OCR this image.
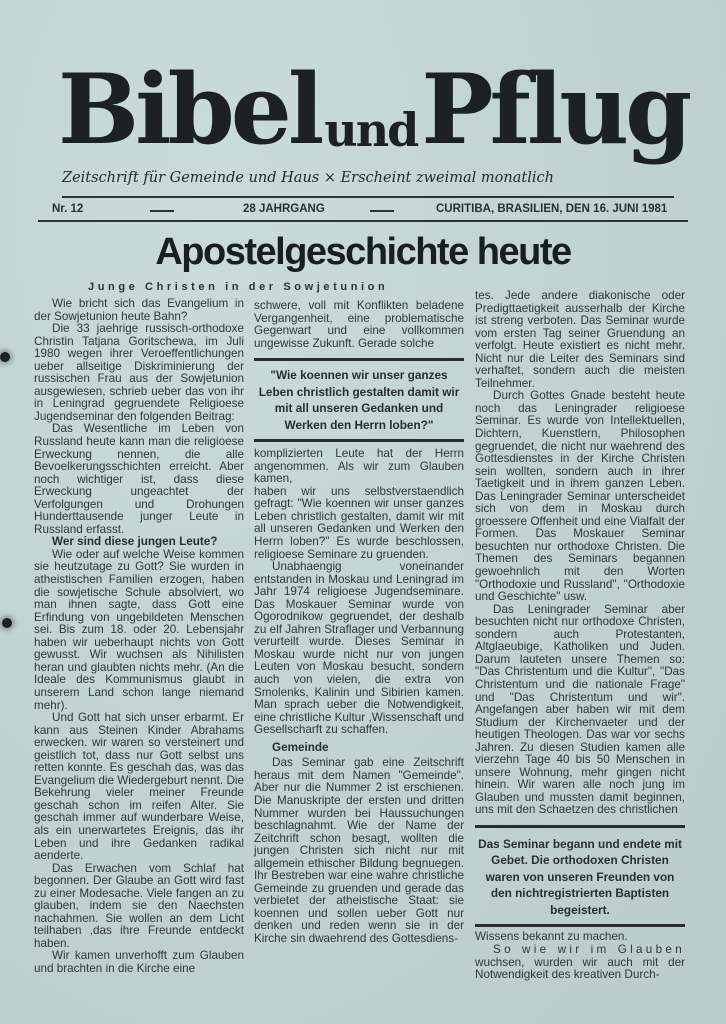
Bibel und Pflug
Zeitschrift für Gemeinde und Haus × Erscheint zweimal monatlich
Nr. 12	28 JAHRGANG	CURITIBA, BRASILIEN, DEN 16. JUNI 1981
Apostelgeschichte heute
Junge Christen in der Sowjetunion

Wie bricht sich das Evangelium in der Sowjetunion heute Bahn?

Die 33 jaehrige russisch-orthodoxe Christin Tatjana Goritschewa, im Juli 1980 wegen ihrer Veroeffentlichungen ueber allseitige Diskriminierung der russischen Frau aus der Sowjetunion ausgewiesen, schrieb ueber das von ihr in Leningrad gegruendete Religioese Jugendseminar den folgenden Beitrag:

Das Wesentliche im Leben von Russland heute kann man die religioese Erweckung nennen, die alle Bevoelkerungsschichten erreicht. Aber noch wichtiger ist, dass diese Erweckung ungeachtet der Verfolgungen und Drohungen Hunderttausende junger Leute in Russland erfasst.

Wer sind diese jungen Leute?

Wie oder auf welche Weise kommen sie heutzutage zu Gott? Sie wurden in atheistischen Familien erzogen, haben die sowjetische Schule absolviert, wo man ihnen sagte, dass Gott eine Erfindung von ungebildeten Menschen sei. Bis zum 18. oder 20. Lebensjahr haben wir ueberhaupt nichts von Gott gewusst. Wir wuchsen als Nihilisten heran und glaubten nichts mehr. (An die Ideale des Kommunismus glaubt in unserem Land schon lange niemand mehr).

Und Gott hat sich unser erbarmt. Er kann aus Steinen Kinder Abrahams erwecken. wir waren so versteinert und geistlich tot, dass nur Gott selbst uns retten konnte. Es geschah das, was das Evangelium die Wiedergeburt nennt. Die Bekehrung vieler meiner Freunde geschah schon im reifen Alter. Sie geschah immer auf wunderbare Weise, als ein unerwartetes Ereignis, das ihr Leben und ihre Gedanken radikal aenderte.

Das Erwachen vom Schlaf hat begonnen. Der Glaube an Gott wird fast zu einer Modesache. Viele fangen an zu glauben, indem sie den Naechsten nachahmen. Sie wollen an dem Licht teilhaben ,das ihre Freunde entdeckt haben.

Wir kamen unverhofft zum Glauben und brachten in die Kirche eine

schwere, voll mit Konflikten beladene Vergangenheit, eine problematische Gegenwart und eine vollkommen ungewisse Zukunft. Gerade solche

"Wie koennen wir unser ganzes Leben christlich gestalten damit wir mit all unseren Gedanken und Werken den Herrn loben?"

komplizierten Leute hat der Herrn angenommen. Als wir zum Glauben kamen,

haben wir uns selbstverstaendlich gefragt: "Wie koennen wir unser ganzes Leben christlich gestalten, damit wir mit all unseren Gedanken und Werken den Herrn loben?" Es wurde beschlossen, religioese Seminare zu gruenden.

Unabhaengig voneinander entstanden in Moskau und Leningrad im Jahr 1974 religioese Jugendseminare. Das Moskauer Seminar wurde von Ogorodnikow gegruendet, der deshalb zu elf Jahren Straflager und Verbannung verurteilt wurde. Dieses Seminar in Moskau wurde nicht nur von jungen Leuten von Moskau besucht, sondern auch von vielen, die extra von Smolenks, Kalinin und Sibirien kamen. Man sprach ueber die Notwendigkeit, eine christliche Kultur ,Wissenschaft und Gesellscharft zu schaffen.

Gemeinde

Das Seminar gab eine Zeitschrift heraus mit dem Namen "Gemeinde". Aber nur die Nummer 2 ist erschienen. Die Manuskripte der ersten und dritten Nummer wurden bei Haussuchungen beschlagnahmt. Wie der Name der Zeitchrift schon besagt, wollten die jungen Christen sich nicht nur mit allgemein ethischer Bildung begnuegen. Ihr Bestreben war eine wahre christliche Gemeinde zu gruenden und gerade das verbietet der atheistische Staat: sie koennen und sollen ueber Gott nur denken und reden wenn sie in der Kirche sin dwaehrend des Gottesdiens-

tes. Jede andere diakonische oder Predigttaetigkeit ausserhalb der Kirche ist streng verboten. Das Seminar wurde vom ersten Tag seiner Gruendung an verfolgt. Heute existiert es nicht mehr. Nicht nur die Leiter des Seminars sind verhaftet, sondern auch die meisten Teilnehmer.

Durch Gottes Gnade besteht heute noch das Leningrader religioese Seminar. Es wurde von Intellektuellen, Dichtern, Kuenstlern, Philosophen gegruendet, die nicht nur waehrend des Gottesdienstes in der Kirche Christen sein wollten, sondern auch in ihrer Taetigkeit und in ihrem ganzen Leben. Das Leningrader Seminar unterscheidet sich von dem in Moskau durch groessere Offenheit und eine Vialfalt der Formen. Das Moskauer Seminar besuchten nur orthodoxe Christen. Die Themen des Seminars begannen gewoehnlich mit den Worten "Orthodoxie und Russland", "Orthodoxie und Geschichte" usw.

Das Leningrader Seminar aber besuchten nicht nur orthodoxe Christen, sondern auch Protestanten, Altglaeubige, Katholiken und Juden. Darum lauteten unsere Themen so: "Das Christentum und die Kultur", "Das Christentum und die nationale Frage" und "Das Christentum und wir". Angefangen aber haben wir mit dem Studium der Kirchenvaeter und der heutigen Theologen. Das war vor sechs Jahren. Zu diesen Studien kamen alle vierzehn Tage 40 bis 50 Menschen in unsere Wohnung, mehr gingen nicht hinein. Wir waren alle noch jung im Glauben und mussten damit beginnen, uns mit den Schaetzen des christlichen

Das Seminar begann und endete mit Gebet. Die orthodoxen Christen waren von unseren Freunden von den nichtregistrierten Baptisten begeistert.

Wissens bekannt zu machen.

So wie wir im Glauben wuchsen, wurden wir auch mit der Notwendigkeit des kreativen Durch-
